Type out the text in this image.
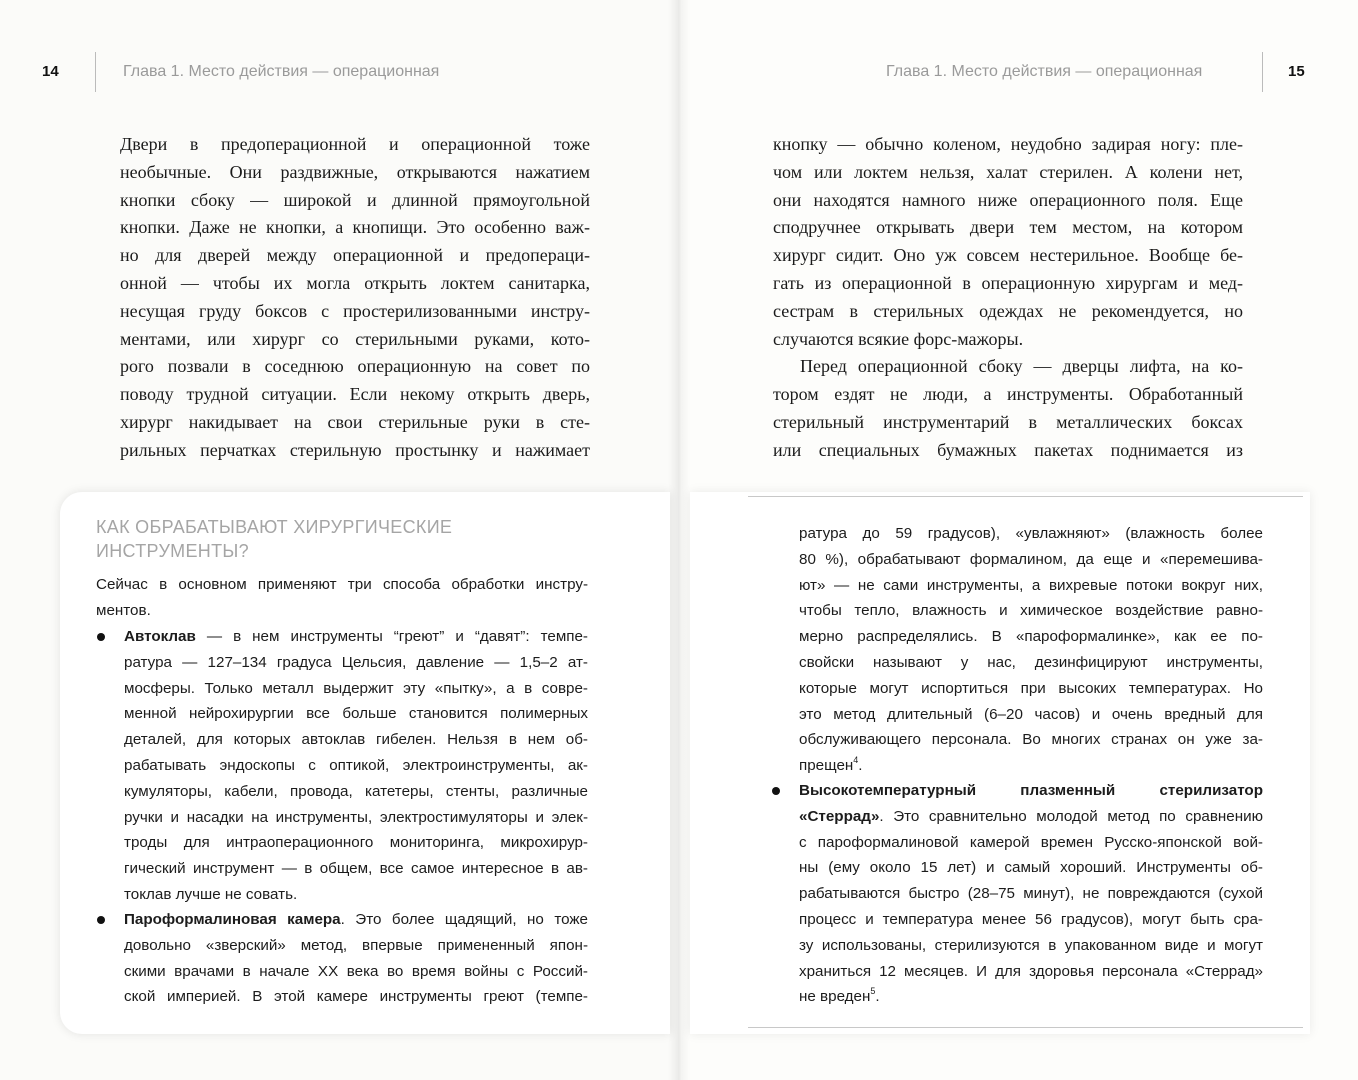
14	Глава 1. Место действия — операционная	Глава 1. Место действия — операционная	15
Двери в предоперационной и операционной тоже
необычные. Они раздвижные, открываются нажатием
кнопки сбоку — широкой и длинной прямоугольной
кнопки. Даже не кнопки, а кнопищи. Это особенно важ-
но для дверей между операционной и предопераци-
онной — чтобы их могла открыть локтем санитарка,
несущая груду боксов с простерилизованными инстру-
ментами, или хирург со стерильными руками, кото-
рого позвали в соседнюю операционную на совет по
поводу трудной ситуации. Если некому открыть дверь,
хирург накидывает на свои стерильные руки в сте-
рильных перчатках стерильную простынку и нажимает
кнопку — обычно коленом, неудобно задирая ногу: пле-
чом или локтем нельзя, халат стерилен. А колени нет,
они находятся намного ниже операционного поля. Еще
сподручнее открывать двери тем местом, на котором
хирург сидит. Оно уж совсем нестерильное. Вообще бе-
гать из операционной в операционную хирургам и мед-
сестрам в стерильных одеждах не рекомендуется, но
случаются всякие форс-мажоры.
Перед операционной сбоку — дверцы лифта, на ко-
тором ездят не люди, а инструменты. Обработанный
стерильный инструментарий в металлических боксах
или специальных бумажных пакетах поднимается из
КАК ОБРАБАТЫВАЮТ ХИРУРГИЧЕСКИЕ
ИНСТРУМЕНТЫ?
Сейчас в основном применяют три способа обработки инстру-
ментов.
Автоклав — в нем инструменты “греют” и “давят”: темпе-
ратура — 127–134 градуса Цельсия, давление — 1,5–2 ат-
мосферы. Только металл выдержит эту «пытку», а в совре-
менной нейрохирургии все больше становится полимерных
деталей, для которых автоклав гибелен. Нельзя в нем об-
рабатывать эндоскопы с оптикой, электроинструменты, ак-
кумуляторы, кабели, провода, катетеры, стенты, различные
ручки и насадки на инструменты, электростимуляторы и элек-
троды для интраоперационного мониторинга, микрохирур-
гический инструмент — в общем, все самое интересное в ав-
токлав лучше не совать.
Пароформалиновая камера. Это более щадящий, но тоже
довольно «зверский» метод, впервые примененный япон-
скими врачами в начале XX века во время войны с Россий-
ской империей. В этой камере инструменты греют (темпе-
ратура до 59 градусов), «увлажняют» (влажность более
80 %), обрабатывают формалином, да еще и «перемешива-
ют» — не сами инструменты, а вихревые потоки вокруг них,
чтобы тепло, влажность и химическое воздействие равно-
мерно распределялись. В «пароформалинке», как ее по-
свойски называют у нас, дезинфицируют инструменты,
которые могут испортиться при высоких температурах. Но
это метод длительный (6–20 часов) и очень вредный для
обслуживающего персонала. Во многих странах он уже за-
прещен$^4$.
Высокотемпературный плазменный стерилизатор
«Стеррад». Это сравнительно молодой метод по сравнению
с пароформалиновой камерой времен Русско-японской вой-
ны (ему около 15 лет) и самый хороший. Инструменты об-
рабатываются быстро (28–75 минут), не повреждаются (сухой
процесс и температура менее 56 градусов), могут быть сра-
зу использованы, стерилизуются в упакованном виде и могут
храниться 12 месяцев. И для здоровья персонала «Стеррад»
не вреден$^5$.
